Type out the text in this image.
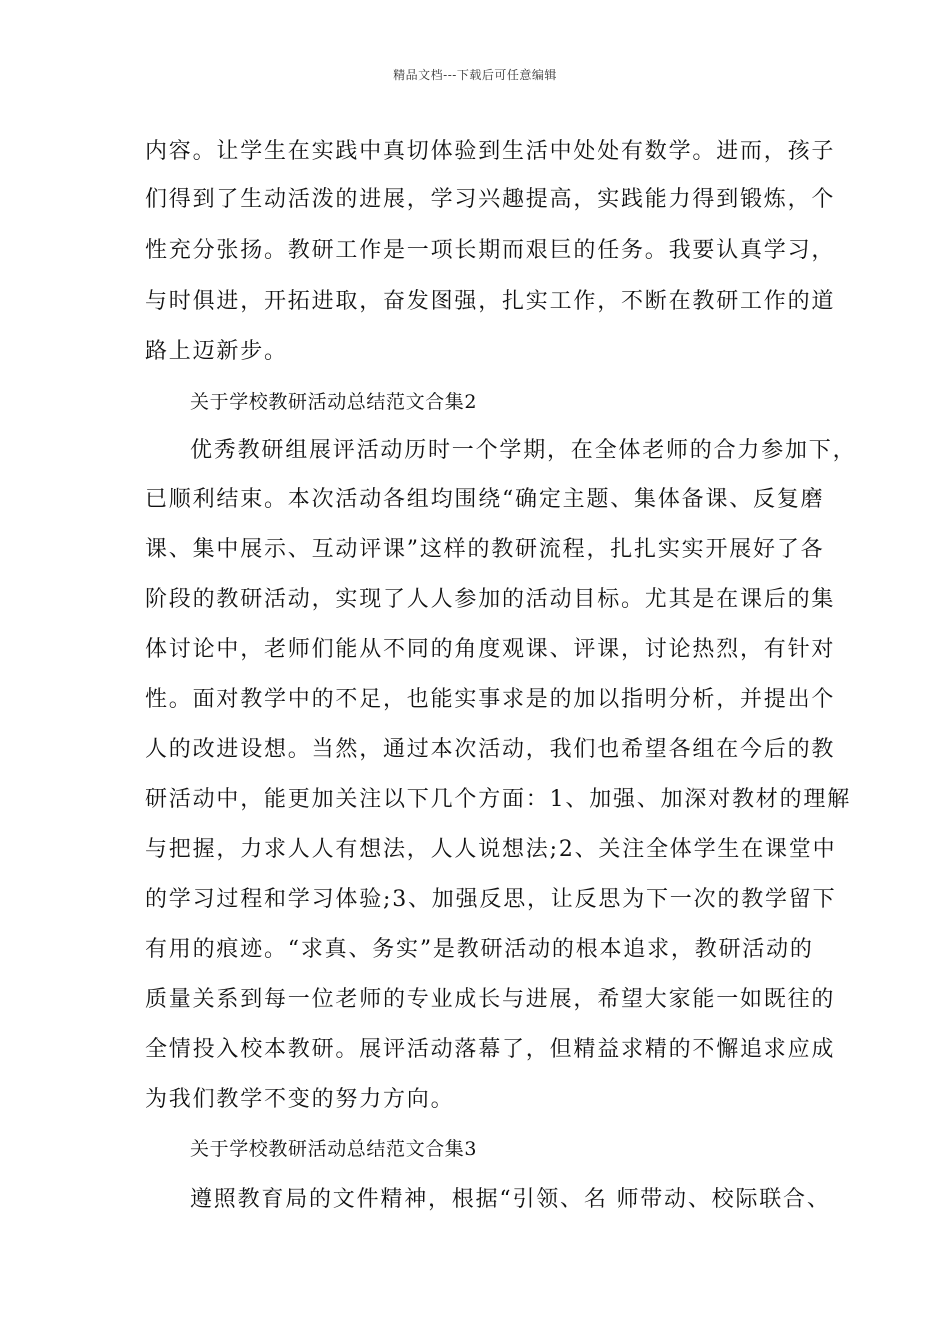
精品文档---下载后可任意编辑
内容。让学生在实践中真切体验到生活中处处有数学。进而，孩子
们得到了生动活泼的进展，学习兴趣提高，实践能力得到锻炼，个
性充分张扬。教研工作是一项长期而艰巨的任务。我要认真学习，
与时俱进，开拓进取，奋发图强，扎实工作，不断在教研工作的道
路上迈新步。
关于学校教研活动总结范文合集2
优秀教研组展评活动历时一个学期，在全体老师的合力参加下，
已顺利结束。本次活动各组均围绕“确定主题、集体备课、反复磨
课、集中展示、互动评课”这样的教研流程，扎扎实实开展好了各
阶段的教研活动，实现了人人参加的活动目标。尤其是在课后的集
体讨论中，老师们能从不同的角度观课、评课，讨论热烈，有针对
性。面对教学中的不足，也能实事求是的加以指明分析，并提出个
人的改进设想。当然，通过本次活动，我们也希望各组在今后的教
研活动中，能更加关注以下几个方面：1、加强、加深对教材的理解
与把握，力求人人有想法，人人说想法;2、关注全体学生在课堂中
的学习过程和学习体验;3、加强反思，让反思为下一次的教学留下
有用的痕迹。“求真、务实”是教研活动的根本追求，教研活动的
质量关系到每一位老师的专业成长与进展，希望大家能一如既往的
全情投入校本教研。展评活动落幕了，但精益求精的不懈追求应成
为我们教学不变的努力方向。
关于学校教研活动总结范文合集3
遵照教育局的文件精神，根据“引领、名 师带动、校际联合、
